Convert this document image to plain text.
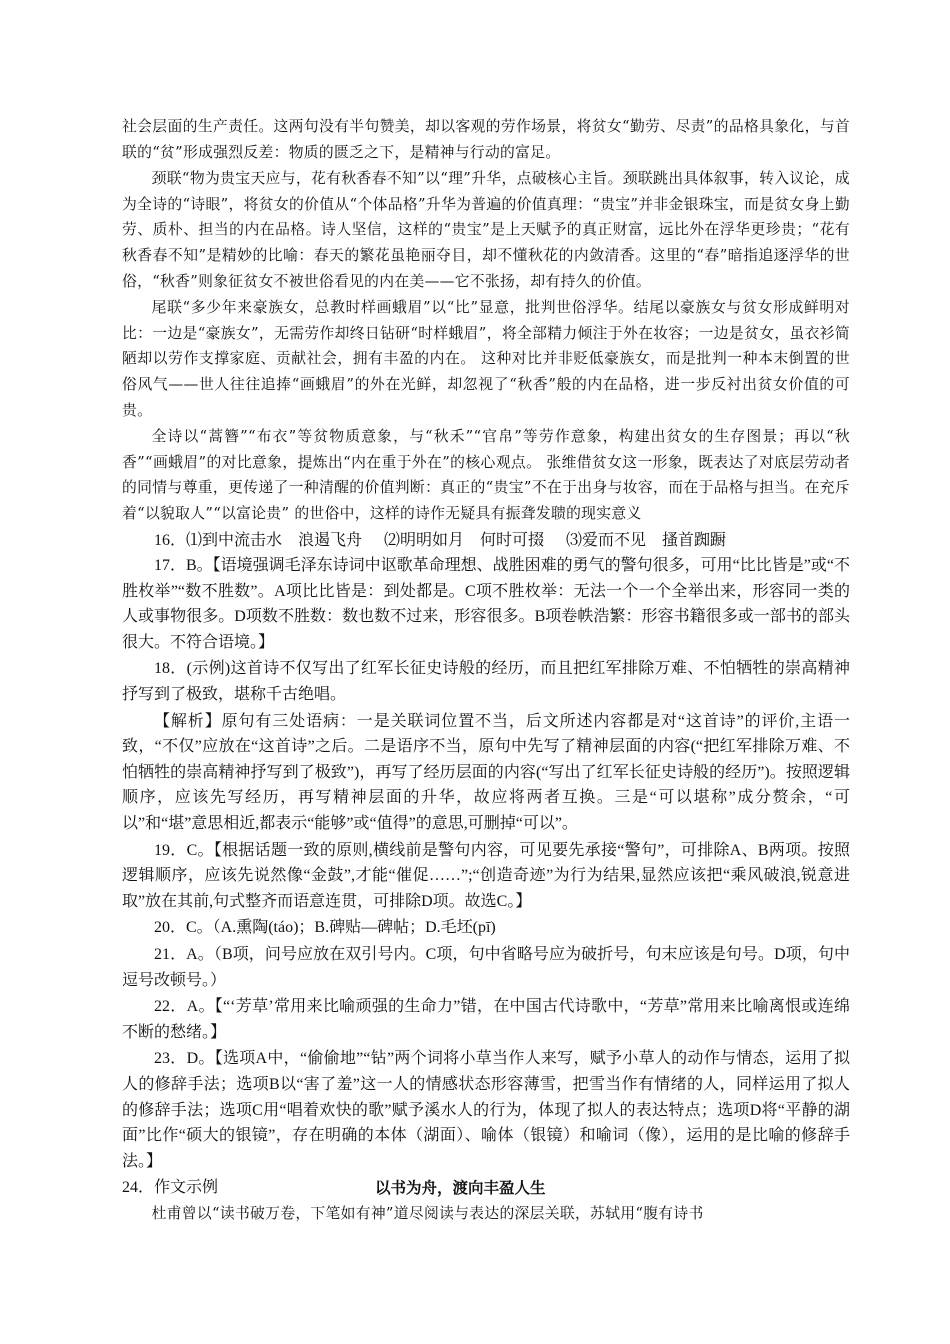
社会层面的生产责任。这两句没有半句赞美，却以客观的劳作场景，将贫女“勤劳、尽责”的品格具象化，与首联的“贫”形成强烈反差：物质的匮乏之下，是精神与行动的富足。

颈联“物为贵宝天应与，花有秋香春不知”以“理”升华，点破核心主旨。颈联跳出具体叙事，转入议论，成为全诗的“诗眼”，将贫女的价值从“个体品格”升华为普遍的价值真理：“贵宝”并非金银珠宝，而是贫女身上勤劳、质朴、担当的内在品格。诗人坚信，这样的“贵宝”是上天赋予的真正财富，远比外在浮华更珍贵；“花有秋香春不知”是精妙的比喻：春天的繁花虽艳丽夺目，却不懂秋花的内敛清香。这里的“春”暗指追逐浮华的世俗，“秋香”则象征贫女不被世俗看见的内在美——它不张扬，却有持久的价值。

尾联“多少年来豪族女，总教时样画蛾眉”以“比”显意，批判世俗浮华。结尾以豪族女与贫女形成鲜明对比：一边是“豪族女”，无需劳作却终日钻研“时样蛾眉”，将全部精力倾注于外在妆容；一边是贫女，虽衣衫简陋却以劳作支撑家庭、贡献社会，拥有丰盈的内在。 这种对比并非贬低豪族女，而是批判一种本末倒置的世俗风气——世人往往追捧“画蛾眉”的外在光鲜，却忽视了“秋香”般的内在品格，进一步反衬出贫女价值的可贵。

全诗以“蒿簪”“布衣”等贫物质意象，与“秋禾”“官帛”等劳作意象，构建出贫女的生存图景；再以“秋香”“画蛾眉”的对比意象，提炼出“内在重于外在”的核心观点。 张维借贫女这一形象，既表达了对底层劳动者的同情与尊重，更传递了一种清醒的价值判断：真正的“贵宝”不在于出身与妆容，而在于品格与担当。在充斥着“以貌取人”“以富论贵” 的世俗中，这样的诗作无疑具有振聋发聩的现实意义

16．⑴到中流击水　浪遏飞舟 ⑵明明如月　何时可掇 ⑶爱而不见　搔首踟蹰

17．B。【语境强调毛泽东诗词中讴歌革命理想、战胜困难的勇气的警句很多，可用“比比皆是”或“不胜枚举”“数不胜数”。A项比比皆是：到处都是。C项不胜枚举：无法一个一个全举出来，形容同一类的人或事物很多。D项数不胜数：数也数不过来，形容很多。B项卷帙浩繁：形容书籍很多或一部书的部头很大。不符合语境。】

18．(示例)这首诗不仅写出了红军长征史诗般的经历，而且把红军排除万难、不怕牺牲的崇高精神抒写到了极致，堪称千古绝唱。

【解析】原句有三处语病：一是关联词位置不当，后文所述内容都是对“这首诗”的评价,主语一致，“不仅”应放在“这首诗”之后。二是语序不当，原句中先写了精神层面的内容(“把红军排除万难、不怕牺牲的崇高精神抒写到了极致”)，再写了经历层面的内容(“写出了红军长征史诗般的经历”)。按照逻辑顺序，应该先写经历，再写精神层面的升华，故应将两者互换。三是“可以堪称”成分赘余，“可以”和“堪”意思相近,都表示“能够”或“值得”的意思,可删掉“可以”。

19．C。【根据话题一致的原则,横线前是警句内容，可见要先承接“警句”，可排除A、B两项。按照逻辑顺序，应该先说然像“金鼓”,才能“催促……”;“创造奇迹”为行为结果,显然应该把“乘风破浪,锐意进取”放在其前,句式整齐而语意连贯，可排除D项。故选C。】

20．C。（A.熏陶(táo)；B.碑贴—碑帖；D.毛坯(pī)

21．A。（B项，问号应放在双引号内。C项，句中省略号应为破折号，句末应该是句号。D项，句中逗号改顿号。）

22．A。【“‘芳草’常用来比喻顽强的生命力”错，在中国古代诗歌中，“芳草”常用来比喻离恨或连绵不断的愁绪。】

23．D。【选项A中，“偷偷地”“钻”两个词将小草当作人来写，赋予小草人的动作与情态，运用了拟人的修辞手法；选项B以“害了羞”这一人的情感状态形容薄雪，把雪当作有情绪的人，同样运用了拟人的修辞手法；选项C用“唱着欢快的歌”赋予溪水人的行为，体现了拟人的表达特点；选项D将“平静的湖面”比作“硕大的银镜”，存在明确的本体（湖面）、喻体（银镜）和喻词（像），运用的是比喻的修辞手法。】

24．作文示例	以书为舟，渡向丰盈人生

杜甫曾以“读书破万卷，下笔如有神”道尽阅读与表达的深层关联，苏轼用“腹有诗书
